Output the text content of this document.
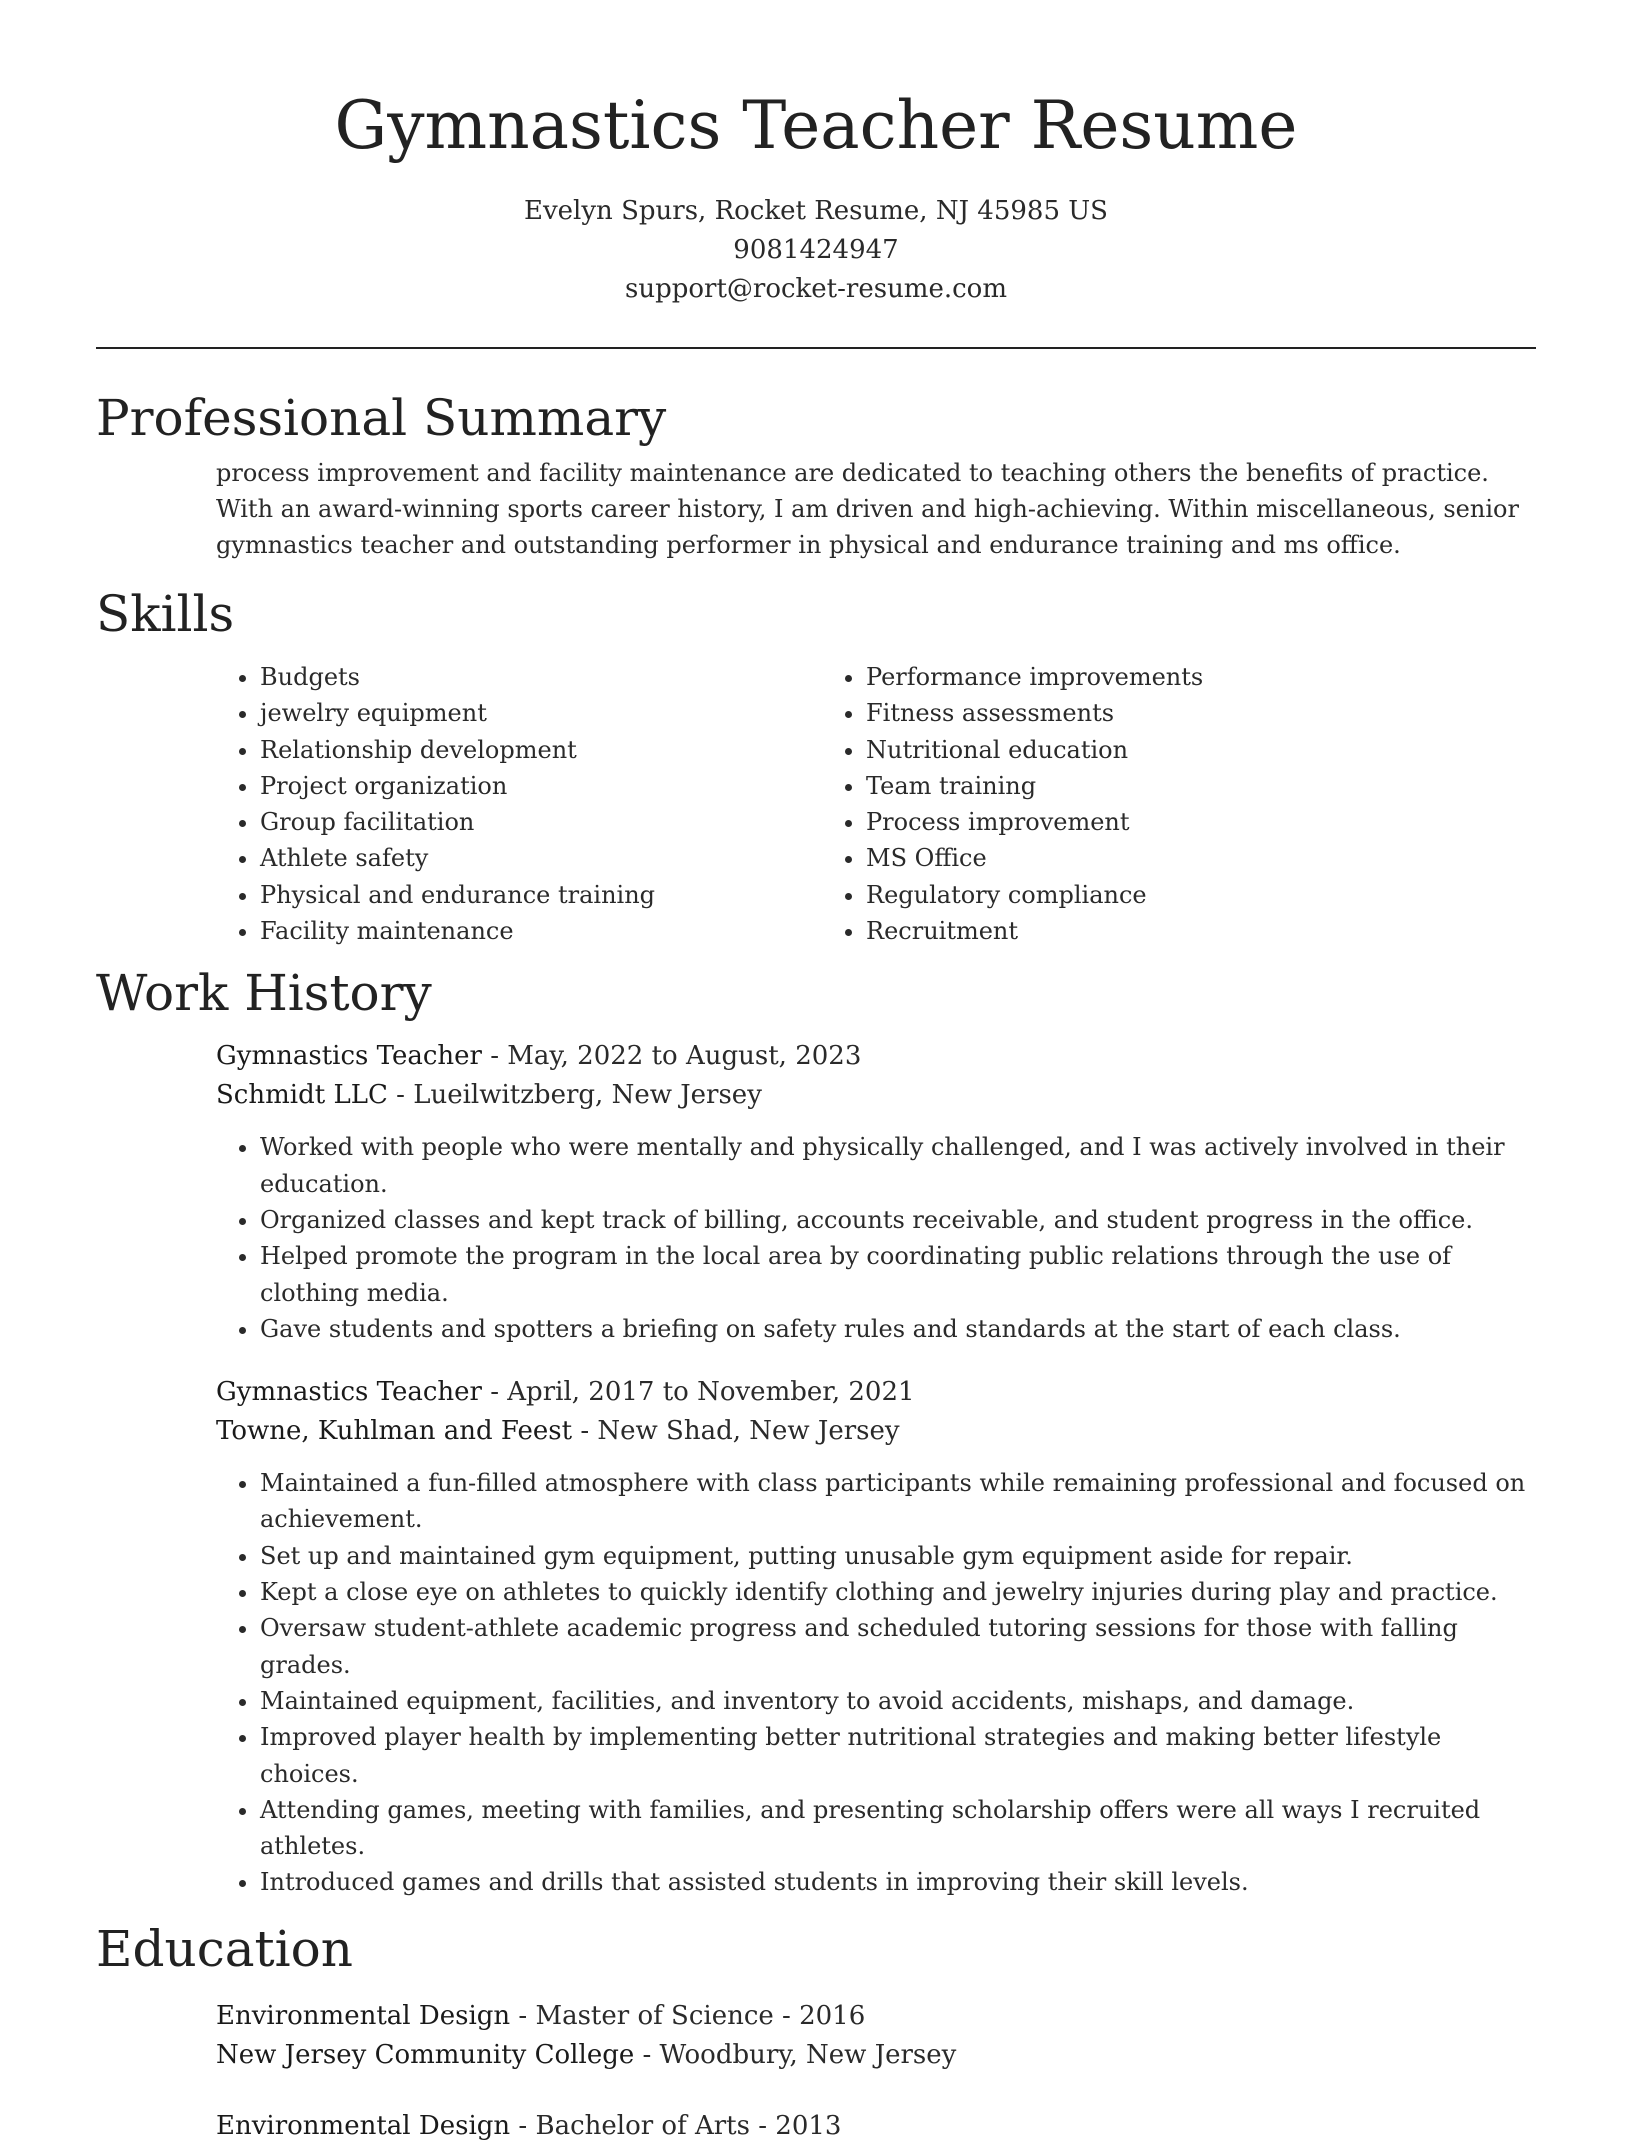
Gymnastics Teacher Resume
Evelyn Spurs, Rocket Resume, NJ 45985 US
9081424947
support@rocket-resume.com
Professional Summary

process improvement and facility maintenance are dedicated to teaching others the benefits of practice. With an award-winning sports career history, I am driven and high-achieving. Within miscellaneous, senior gymnastics teacher and outstanding performer in physical and endurance training and ms office.

Skills
• Budgets
• jewelry equipment
• Relationship development
• Project organization
• Group facilitation
• Athlete safety
• Physical and endurance training
• Facility maintenance
• Performance improvements
• Fitness assessments
• Nutritional education
• Team training
• Process improvement
• MS Office
• Regulatory compliance
• Recruitment
Work History
Gymnastics Teacher - May, 2022 to August, 2023
Schmidt LLC - Lueilwitzberg, New Jersey
• Worked with people who were mentally and physically challenged, and I was actively involved in their education.
• Organized classes and kept track of billing, accounts receivable, and student progress in the office.
• Helped promote the program in the local area by coordinating public relations through the use of clothing media.
• Gave students and spotters a briefing on safety rules and standards at the start of each class.
Gymnastics Teacher - April, 2017 to November, 2021
Towne, Kuhlman and Feest - New Shad, New Jersey
• Maintained a fun-filled atmosphere with class participants while remaining professional and focused on achievement.
• Set up and maintained gym equipment, putting unusable gym equipment aside for repair.
• Kept a close eye on athletes to quickly identify clothing and jewelry injuries during play and practice.
• Oversaw student-athlete academic progress and scheduled tutoring sessions for those with falling grades.
• Maintained equipment, facilities, and inventory to avoid accidents, mishaps, and damage.
• Improved player health by implementing better nutritional strategies and making better lifestyle choices.
• Attending games, meeting with families, and presenting scholarship offers were all ways I recruited athletes.
• Introduced games and drills that assisted students in improving their skill levels.
Education
Environmental Design - Master of Science - 2016
New Jersey Community College - Woodbury, New Jersey
Environmental Design - Bachelor of Arts - 2013
